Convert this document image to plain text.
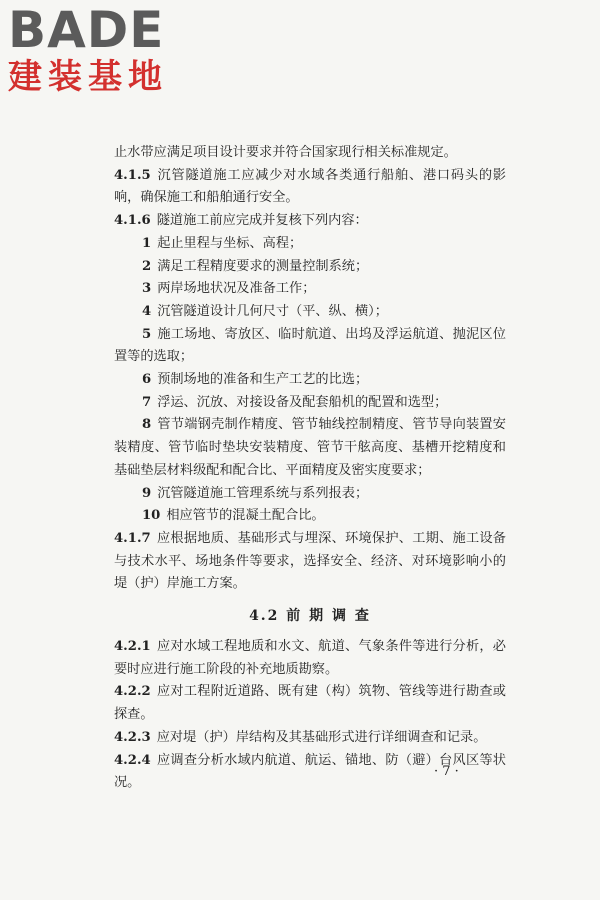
BADE
建装基地

止水带应满足项目设计要求并符合国家现行相关标准规定。

4.1.5 沉管隧道施工应减少对水域各类通行船舶、港口码头的影响，确保施工和船舶通行安全。

4.1.6 隧道施工前应完成并复核下列内容：

1 起止里程与坐标、高程；

2 满足工程精度要求的测量控制系统；

3 两岸场地状况及准备工作；

4 沉管隧道设计几何尺寸（平、纵、横）；

5 施工场地、寄放区、临时航道、出坞及浮运航道、抛泥区位置等的选取；

6 预制场地的准备和生产工艺的比选；

7 浮运、沉放、对接设备及配套船机的配置和选型；

8 管节端钢壳制作精度、管节轴线控制精度、管节导向装置安装精度、管节临时垫块安装精度、管节干舷高度、基槽开挖精度和基础垫层材料级配和配合比、平面精度及密实度要求；

9 沉管隧道施工管理系统与系列报表；

10 相应管节的混凝土配合比。

4.1.7 应根据地质、基础形式与埋深、环境保护、工期、施工设备与技术水平、场地条件等要求，选择安全、经济、对环境影响小的堤（护）岸施工方案。

4.2 前 期 调 查

4.2.1 应对水域工程地质和水文、航道、气象条件等进行分析，必要时应进行施工阶段的补充地质勘察。

4.2.2 应对工程附近道路、既有建（构）筑物、管线等进行勘查或探查。

4.2.3 应对堤（护）岸结构及其基础形式进行详细调查和记录。

4.2.4 应调查分析水域内航道、航运、锚地、防（避）台风区等状况。

· 7 ·
